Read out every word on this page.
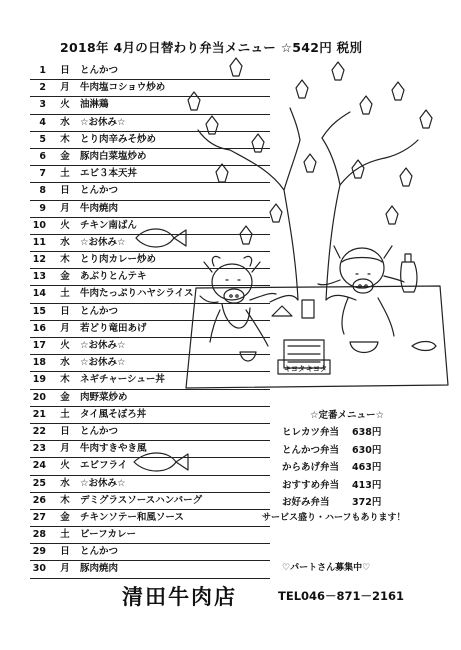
2018年 4月の日替わり弁当メニュー ☆542円 税別
キヨタ キヨタ
1 日 とんかつ
2 月 牛肉塩コショウ炒め
3 火 油淋鶏
4 水 ☆お休み☆
5 木 とり肉辛みそ炒め
6 金 豚肉白菜塩炒め
7 土 エビ３本天丼
8 日 とんかつ
9 月 牛肉焼肉
10 火 チキン南ばん
11 水 ☆お休み☆
12 木 とり肉カレー炒め
13 金 あぶりとんテキ
14 土 牛肉たっぷりハヤシライス
15 日 とんかつ
16 月 若どり竜田あげ
17 火 ☆お休み☆
18 水 ☆お休み☆
19 木 ネギチャーシュー丼
20 金 肉野菜炒め
21 土 タイ風そぼろ丼
22 日 とんかつ
23 月 牛肉すきやき風
24 火 エビフライ
25 水 ☆お休み☆
26 木 デミグラスソースハンバーグ
27 金 チキンソテー和風ソース
28 土 ビーフカレー
29 日 とんかつ
30 月 豚肉焼肉
☆定番メニュー☆
ヒレカツ弁当 638円
とんかつ弁当 630円
からあげ弁当 463円
おすすめ弁当 413円
お好み弁当 372円
サービス盛り・ハーフもあります！
♡パートさん募集中♡
清田牛肉店	TEL046－871－2161
